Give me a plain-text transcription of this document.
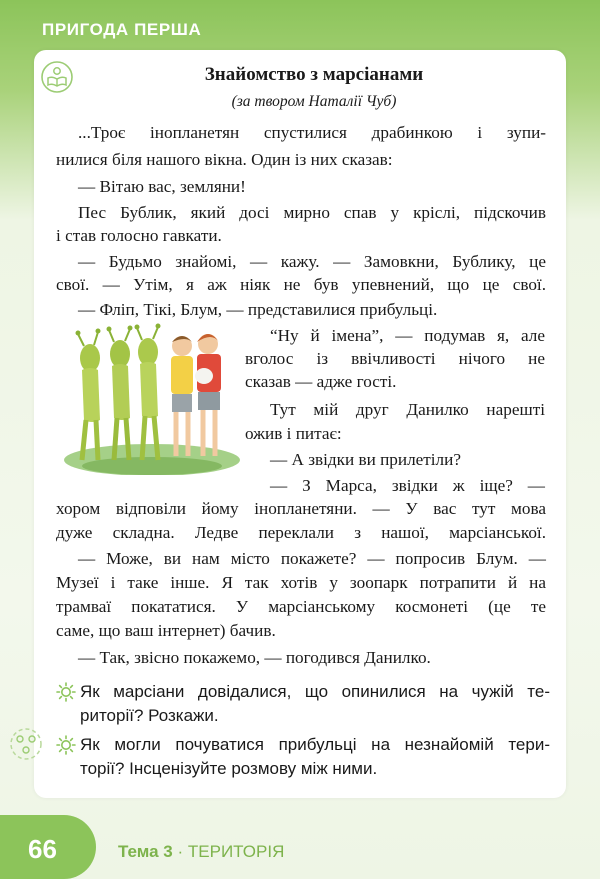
ПРИГОДА ПЕРША
Знайомство з марсіанами
(за твором Наталії Чуб)
...Троє інопланетян спустилися драбинкою і зупи-
нилися біля нашого вікна. Один із них сказав:
— Вітаю вас, земляни!
Пес Бублик, який досі мирно спав у кріслі, підскочив
і став голосно гавкати.
— Будьмо знайомі, — кажу. — Замовкни, Бублику, це
свої. — Утім, я аж ніяк не був упевнений, що це свої.
— Фліп, Тікі, Блум, — представилися прибульці.
“Ну й імена”, — подумав я, але
вголос із ввічливості нічого не
сказав — адже гості.
Тут мій друг Данилко нарешті
ожив і питає:
— А звідки ви прилетіли?
— З Марса, звідки ж іще? —
хором відповіли йому інопланетяни. — У вас тут мова
дуже складна. Ледве переклали з нашої, марсіанської.
— Може, ви нам місто покажете? — попросив Блум. —
Музеї і таке інше. Я так хотів у зоопарк потрапити й на
трамваї покататися. У марсіанському космонеті (це те
саме, що ваш інтернет) бачив.
— Так, звісно покажемо, — погодився Данилко.
Як марсіани довідалися, що опинилися на чужій те-
риторії? Розкажи.
Як могли почуватися прибульці на незнайомій тери-
торії? Інсценізуйте розмову між ними.
66	Тема 3 · ТЕРИТОРІЯ
